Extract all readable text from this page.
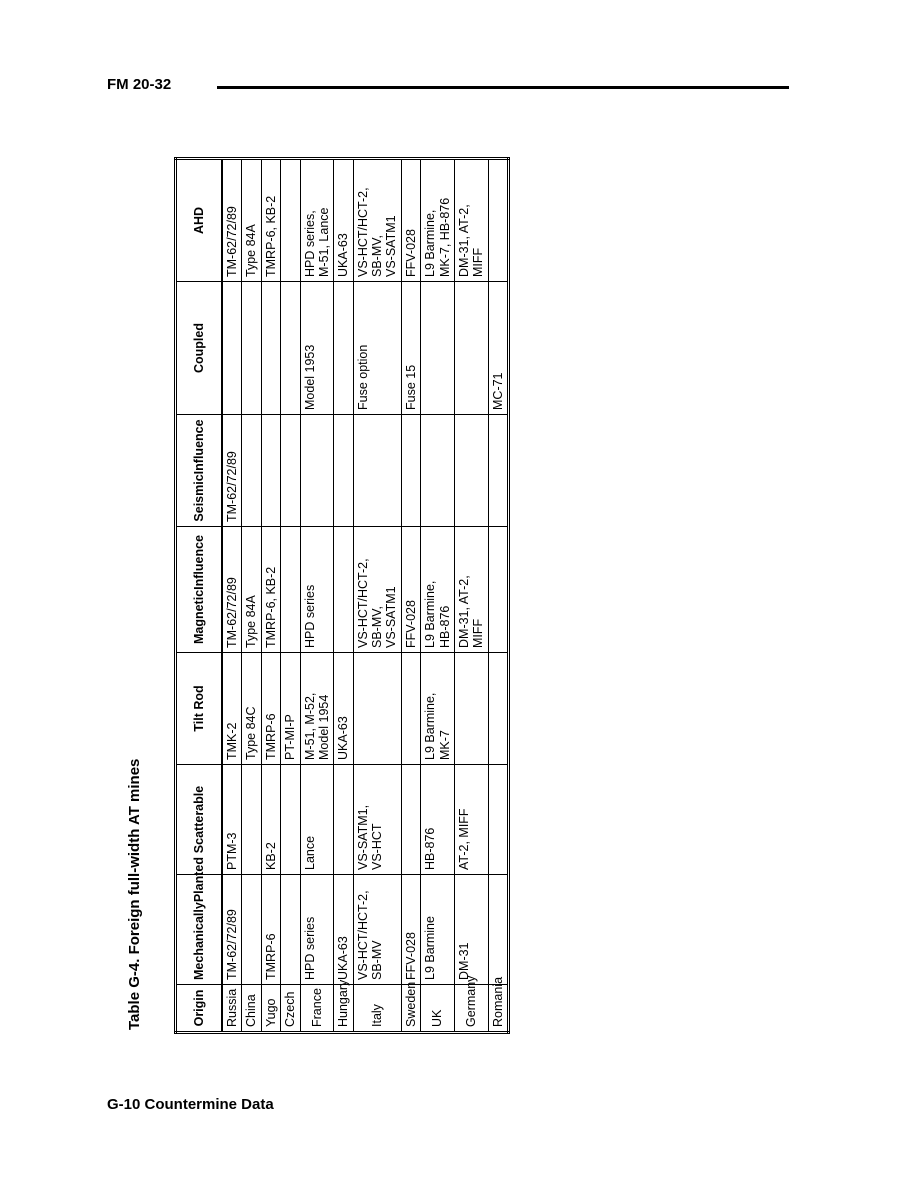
FM 20-32
Table G-4. Foreign full-width AT mines	Origin	MechanicallyPlanted	Scatterable	Tilt Rod	MagneticInfluence	SeismicInfluence	Coupled	AHD
Russia	TM-62/72/89	PTM-3	TMK-2	TM-62/72/89	TM-62/72/89		TM-62/72/89

China			Type 84C	Type 84A			Type 84A

Yugo	TMRP-6	KB-2	TMRP-6	TMRP-6, KB-2			TMRP-6, KB-2

Czech			PT-MI-P				

France	HPD series	Lance	M-51, M-52, Model 1954	HPD series		Model 1953	HPD series, M-51, Lance

Hungary	UKA-63		UKA-63				UKA-63

Italy	VS-HCT/HCT-2, SB-MV	VS-SATM1, VS-HCT		VS-HCT/HCT-2, SB-MV, VS-SATM1		Fuse option	VS-HCT/HCT-2, SB-MV, VS-SATM1

Sweden	FFV-028			FFV-028		Fuse 15	FFV-028

UK	L9 Barmine	HB-876	L9 Barmine, MK-7	L9 Barmine, HB-876			L9 Barmine, MK-7, HB-876

Germany	DM-31	AT-2, MIFF		DM-31, AT-2, MIFF			DM-31, AT-2, MIFF

Romania						MC-71	

G-10 Countermine Data
